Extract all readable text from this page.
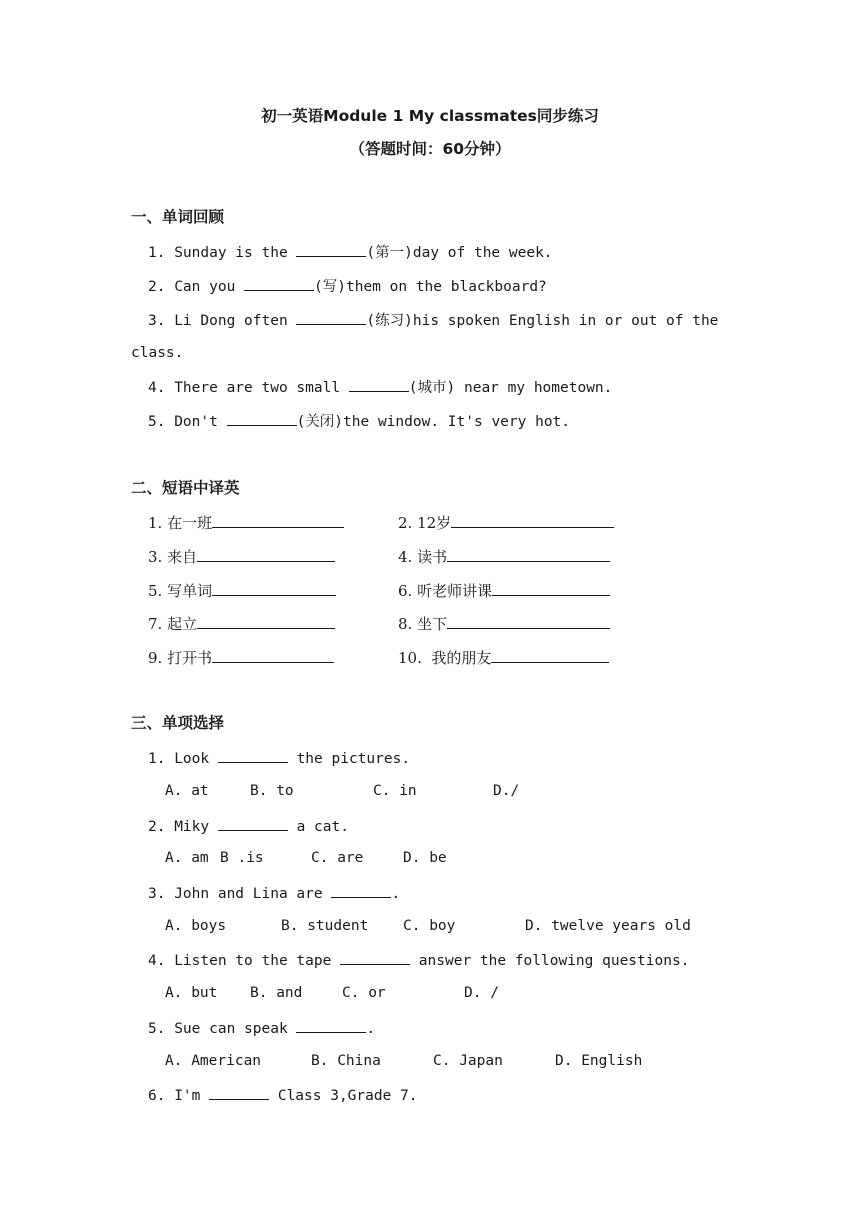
初一英语Module 1 My classmates同步练习
（答题时间：60分钟）
一、单词回顾
1. Sunday is the	(第一)day of the week.
2. Can you	(写)them on the blackboard?
3. Li Dong often	(练习)his spoken English in or out of the
class.
4. There are two small	(城市) near my hometown.
5. Don't	(关闭)the window. It's very hot.
二、短语中译英
1. 在一班	2. 12岁
3. 来自	4. 读书
5. 写单词	6. 听老师讲课
7. 起立	8. 坐下
9. 打开书	10. 我的朋友
三、单项选择
1. Look	the pictures.
A. at	B. to	C. in	D./
2. Miky	a cat.
A. am B .is	C. are	D. be
3. John and Lina are	.
A. boys	B. student C. boy	D. twelve years old
4. Listen to the tape	answer the following questions.
A. but B. and	C. or	D. /
5. Sue can speak	.
A. American	B. China	C. Japan	D. English
6. I'm	Class 3,Grade 7.
